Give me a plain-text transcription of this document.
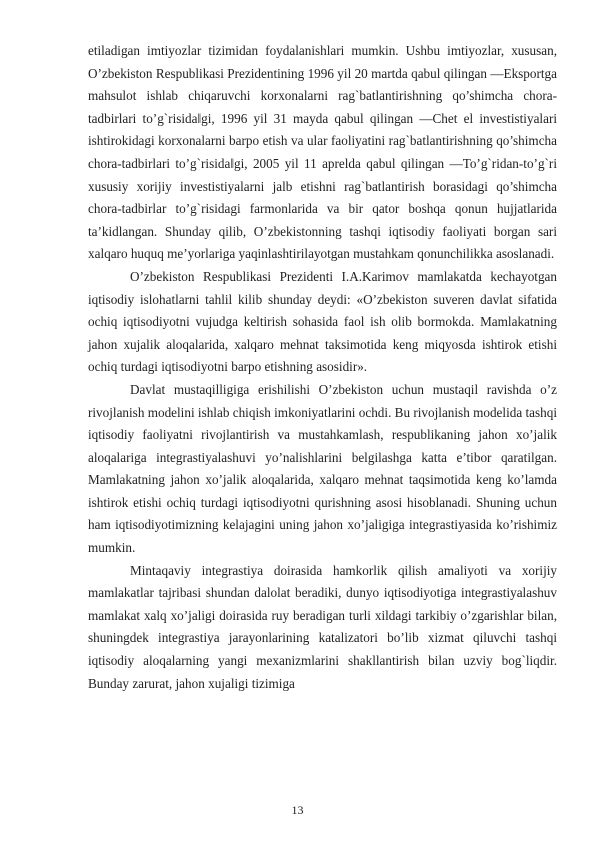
etiladigan imtiyozlar tizimidan foydalanishlari mumkin. Ushbu imtiyozlar, xususan, O’zbekiston Respublikasi Prezidentining 1996 yil 20 martda qabul qilingan ―Eksportga mahsulot ishlab chiqaruvchi korxonalarni rag`batlantirishning qo’shimcha chora-tadbirlari to’g`risida‖gi, 1996 yil 31 mayda qabul qilingan ―Chet el investistiyalari ishtirokidagi korxonalarni barpo etish va ular faoliyatini rag`batlantirishning qo’shimcha chora-tadbirlari to’g`risida‖gi, 2005 yil 11 aprelda qabul qilingan ―To’g`ridan-to’g`ri xususiy xorijiy investistiyalarni jalb etishni rag`batlantirish borasidagi qo’shimcha chora-tadbirlar to’g`risidagi farmonlarida va bir qator boshqa qonun hujjatlarida ta’kidlangan. Shunday qilib, O’zbekistonning tashqi iqtisodiy faoliyati borgan sari xalqaro huquq me’yorlariga yaqinlashtirilayotgan mustahkam qonunchilikka asoslanadi.

O’zbekiston Respublikasi Prezidenti I.A.Karimov mamlakatda kechayotgan iqtisodiy islohatlarni tahlil kilib shunday deydi: «O’zbekiston suveren davlat sifatida ochiq iqtisodiyotni vujudga keltirish sohasida faol ish olib bormokda. Mamlakatning jahon xujalik aloqalarida, xalqaro mehnat taksimotida keng miqyosda ishtirok etishi ochiq turdagi iqtisodiyotni barpo etishning asosidir».

Davlat mustaqilligiga erishilishi O’zbekiston uchun mustaqil ravishda o’z rivojlanish modelini ishlab chiqish imkoniyatlarini ochdi. Bu rivojlanish modelida tashqi iqtisodiy faoliyatni rivojlantirish va mustahkamlash, respublikaning jahon xo’jalik aloqalariga integrastiyalashuvi yo’nalishlarini belgilashga katta e’tibor qaratilgan. Mamlakatning jahon xo’jalik aloqalarida, xalqaro mehnat taqsimotida keng ko’lamda ishtirok etishi ochiq turdagi iqtisodiyotni qurishning asosi hisoblanadi. Shuning uchun ham iqtisodiyotimizning kelajagini uning jahon xo’jaligiga integrastiyasida ko’rishimiz mumkin.

Mintaqaviy integrastiya doirasida hamkorlik qilish amaliyoti va xorijiy mamlakatlar tajribasi shundan dalolat beradiki, dunyo iqtisodiyotiga integrastiyalashuv mamlakat xalq xo’jaligi doirasida ruy beradigan turli xildagi tarkibiy o’zgarishlar bilan, shuningdek integrastiya jarayonlarining katalizatori bo’lib xizmat qiluvchi tashqi iqtisodiy aloqalarning yangi mexanizmlarini shakllantirish bilan uzviy bog`liqdir. Bunday zarurat, jahon xujaligi tizimiga

13
